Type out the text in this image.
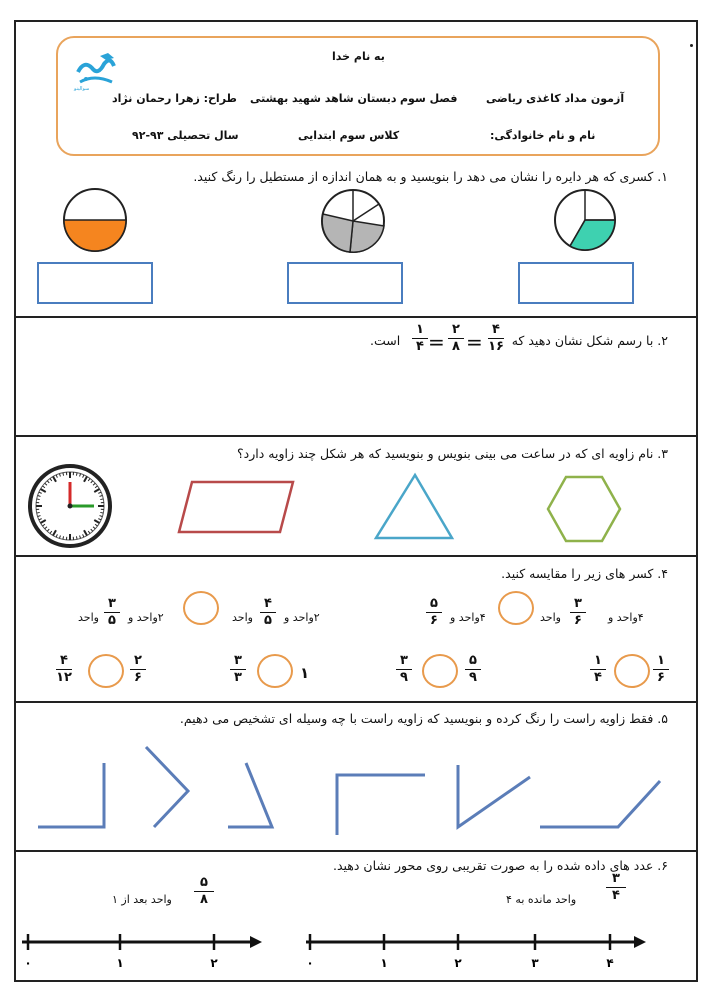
به نام خدا
آزمون مداد کاغذی ریاضی
فصل سوم
دبستان شاهد شهید بهشتی
طراح: زهرا رحمان نژاد
نام و نام خانوادگی:
کلاس سوم ابتدایی
سال تحصیلی ۹۳-۹۲
سوالینو
۱. کسری که هر دایره را نشان می دهد را بنویسید و به همان اندازه از مستطیل را رنگ کنید.
۲. با رسم شکل نشان دهید که
۴
۱۶
=
۲
۸
=
۱
۴
است.
۳. نام زاویه ای که در ساعت می بینی بنویس و بنویسید که هر شکل چند زاویه دارد؟
۴. کسر های زیر را مقایسه کنید.
۴واحد و
۳
۶
واحد
۴واحد و
۵
۶
۲واحد و
۴
۵
واحد
۲واحد و
۳
۵
واحد
۱
۶
۱
۴
۵
۹
۳
۹
۱
۳
۳
۲
۶
۴
۱۲
۵. فقط زاویه راست را رنگ کرده و بنویسید که زاویه راست با چه وسیله ای تشخیص می دهیم.
۶. عدد های داده شده را به صورت تقریبی روی محور نشان دهید.
۳
۴
واحد مانده به ۴
۵
۸
واحد بعد از ۱
۴
۳
۲
۱
۰
۲
۱
۰
